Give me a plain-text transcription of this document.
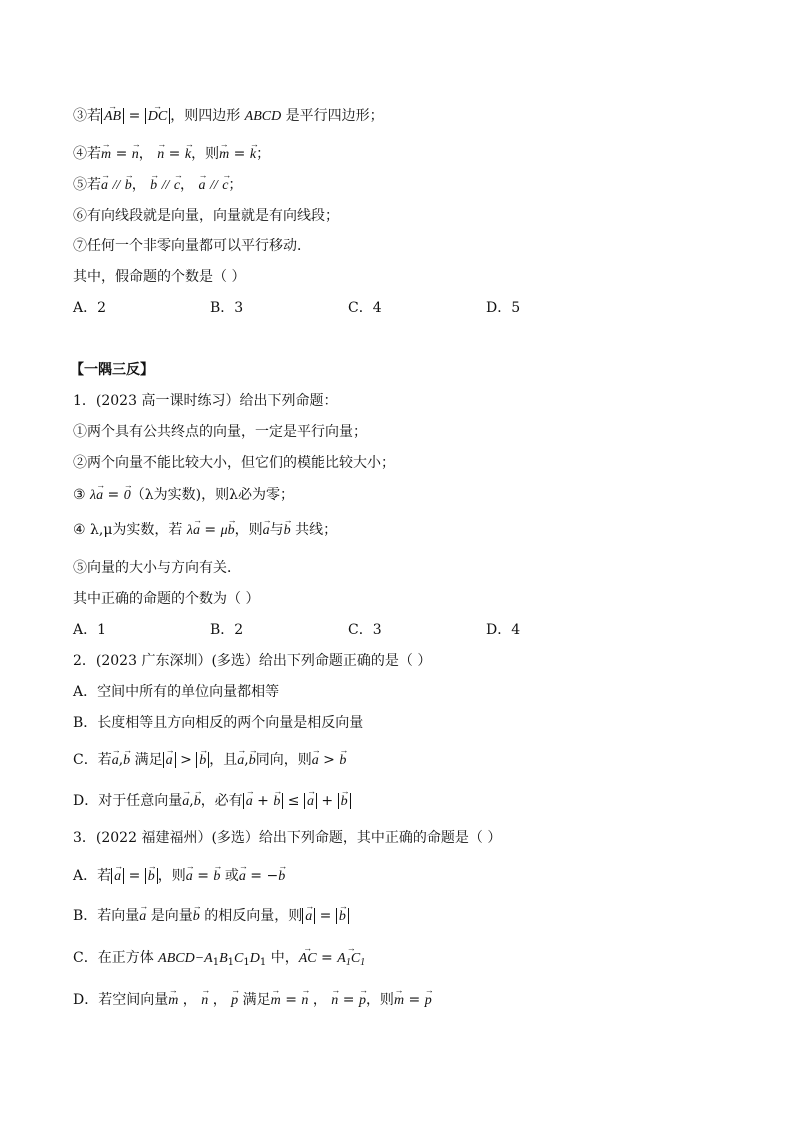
③若 → AB = → DC ，则四边形 ABCD 是平行四边形；
④若→ m = → n， → n = → k，则→ m = → k；
⑤若→ a // → b， → b // → c， → a // → c；
⑥有向线段就是向量，向量就是有向线段；
⑦任何一个非零向量都可以平行移动．
其中，假命题的个数是（ ）
A．2	B．3	C．4	D．5
【一隅三反】
1．(2023 高一课时练习）给出下列命题：
①两个具有公共终点的向量，一定是平行向量；
②两个向量不能比较大小，但它们的模能比较大小；
③ λ→ a = → 0（λ为实数)，则λ必为零；
④ λ,μ为实数，若 λ→ a = μ→ b，则→ a与→ b 共线；
⑤向量的大小与方向有关．
其中正确的命题的个数为（ ）
A．1	B．2	C．3	D．4
2．(2023 广东深圳）(多选）给出下列命题正确的是（ ）
A．空间中所有的单位向量都相等
B．长度相等且方向相反的两个向量是相反向量
C．若→ a,→ b 满足 → a > → b ，且→ a,→ b同向，则→ a > → b
D．对于任意向量→ a,→ b，必有 → a + → b ≤ → a + → b
3．(2022 福建福州）(多选）给出下列命题，其中正确的命题是（ ）
A．若 → a = → b ，则→ a = → b 或→ a = −→ b
B．若向量→ a 是向量→ b 的相反向量，则 → a = → b
C．在正方体 $ABCD-A_1B_1C_1D_1$ 中，→ AC = → $A_1C_1$
D．若空间向量→ m ， → n ， → p 满足→ m = → n ， → n = → p，则→ m = → p
